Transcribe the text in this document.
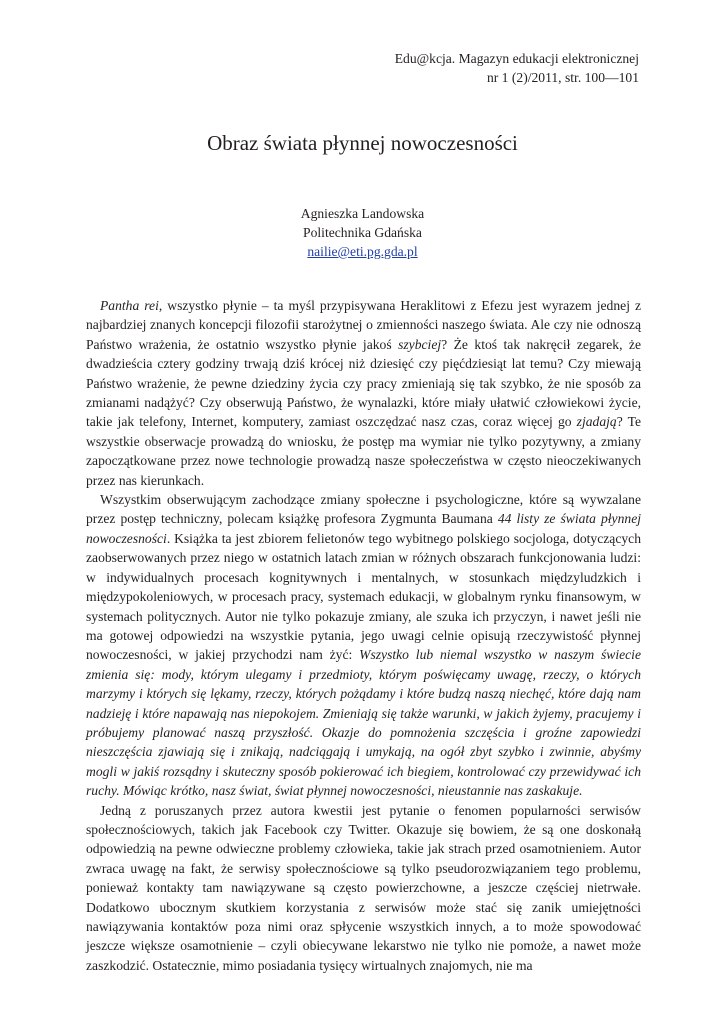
Edu@kcja. Magazyn edukacji elektronicznej
nr 1 (2)/2011, str. 100—101
Obraz świata płynnej nowoczesności
Agnieszka Landowska
Politechnika Gdańska
nailie@eti.pg.gda.pl

Pantha rei, wszystko płynie – ta myśl przypisywana Heraklitowi z Efezu jest wyrazem jednej z najbardziej znanych koncepcji filozofii starożytnej o zmienności naszego świata. Ale czy nie odnoszą Państwo wrażenia, że ostatnio wszystko płynie jakoś szybciej? Że ktoś tak nakręcił zegarek, że dwadzieścia cztery godziny trwają dziś krócej niż dziesięć czy pięćdziesiąt lat temu? Czy miewają Państwo wrażenie, że pewne dziedziny życia czy pracy zmieniają się tak szybko, że nie sposób za zmianami nadążyć? Czy obserwują Państwo, że wynalazki, które miały ułatwić człowiekowi życie, takie jak telefony, Internet, komputery, zamiast oszczędzać nasz czas, coraz więcej go zjadają? Te wszystkie obserwacje prowadzą do wniosku, że postęp ma wymiar nie tylko pozytywny, a zmiany zapoczątkowane przez nowe technologie prowadzą nasze społeczeństwa w często nieoczekiwanych przez nas kierunkach.

Wszystkim obserwującym zachodzące zmiany społeczne i psychologiczne, które są wywzalane przez postęp techniczny, polecam książkę profesora Zygmunta Baumana 44 listy ze świata płynnej nowoczesności. Książka ta jest zbiorem felietonów tego wybitnego polskiego socjologa, dotyczących zaobserwowanych przez niego w ostatnich latach zmian w różnych obszarach funkcjonowania ludzi: w indywidualnych procesach kognitywnych i mentalnych, w stosunkach międzyludzkich i międzypokoleniowych, w procesach pracy, systemach edukacji, w globalnym rynku finansowym, w systemach politycznych. Autor nie tylko pokazuje zmiany, ale szuka ich przyczyn, i nawet jeśli nie ma gotowej odpowiedzi na wszystkie pytania, jego uwagi celnie opisują rzeczywistość płynnej nowoczesności, w jakiej przychodzi nam żyć: Wszystko lub niemal wszystko w naszym świecie zmienia się: mody, którym ulegamy i przedmioty, którym poświęcamy uwagę, rzeczy, o których marzymy i których się lękamy, rzeczy, których pożądamy i które budzą naszą niechęć, które dają nam nadzieję i które napawają nas niepokojem. Zmieniają się także warunki, w jakich żyjemy, pracujemy i próbujemy planować naszą przyszłość. Okazje do pomnożenia szczęścia i groźne zapowiedzi nieszczęścia zjawiają się i znikają, nadciągają i umykają, na ogół zbyt szybko i zwinnie, abyśmy mogli w jakiś rozsądny i skuteczny sposób pokierować ich biegiem, kontrolować czy przewidywać ich ruchy. Mówiąc krótko, nasz świat, świat płynnej nowoczesności, nieustannie nas zaskakuje.

Jedną z poruszanych przez autora kwestii jest pytanie o fenomen popularności serwisów społecznościowych, takich jak Facebook czy Twitter. Okazuje się bowiem, że są one doskonałą odpowiedzią na pewne odwieczne problemy człowieka, takie jak strach przed osamotnieniem. Autor zwraca uwagę na fakt, że serwisy społecznościowe są tylko pseudorozwiązaniem tego problemu, ponieważ kontakty tam nawiązywane są często powierzchowne, a jeszcze częściej nietrwałe. Dodatkowo ubocznym skutkiem korzystania z serwisów może stać się zanik umiejętności nawiązywania kontaktów poza nimi oraz spłycenie wszystkich innych, a to może spowodować jeszcze większe osamotnienie – czyli obiecywane lekarstwo nie tylko nie pomoże, a nawet może zaszkodzić. Ostatecznie, mimo posiadania tysięcy wirtualnych znajomych, nie ma
